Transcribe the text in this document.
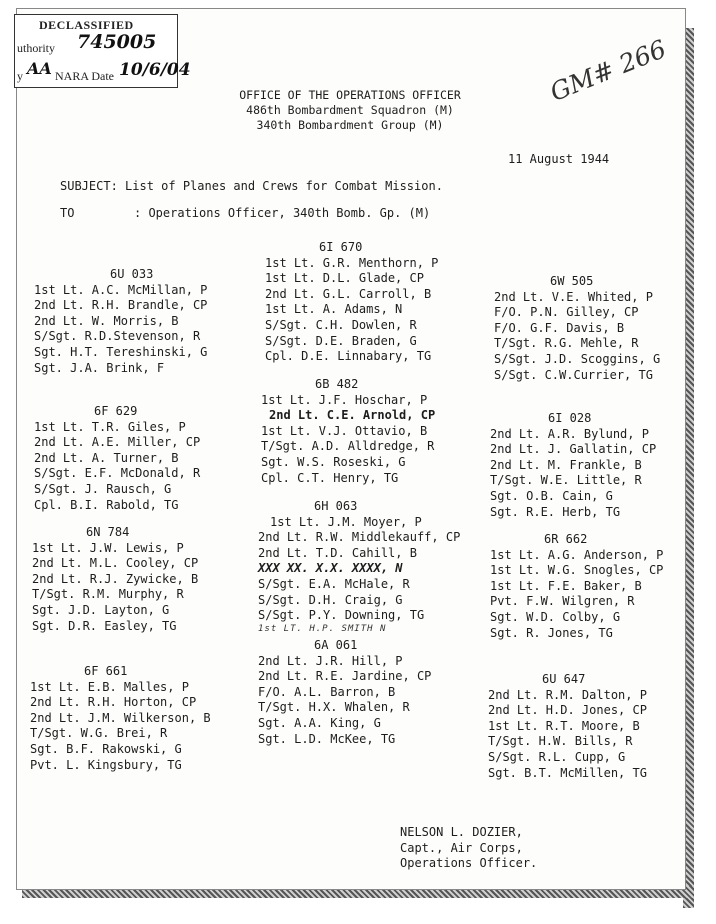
DECLASSIFIED
uthority 745005
y AA NARA Date 10/6/04
OFFICE OF THE OPERATIONS OFFICER
486th Bombardment Squadron (M)
340th Bombardment Group (M)
GM# 266
11 August 1944
SUBJECT: List of Planes and Crews for Combat Mission.
TO	: Operations Officer, 340th Bomb. Gp. (M)
6U 033
1st Lt. A.C. McMillan, P
2nd Lt. R.H. Brandle, CP
2nd Lt. W. Morris, B
S/Sgt. R.D.Stevenson, R
Sgt. H.T. Tereshinski, G
Sgt. J.A. Brink, F
6F 629
1st Lt. T.R. Giles, P
2nd Lt. A.E. Miller, CP
2nd Lt. A. Turner, B
S/Sgt. E.F. McDonald, R
S/Sgt. J. Rausch, G
Cpl. B.I. Rabold, TG
6N 784
1st Lt. J.W. Lewis, P
2nd Lt. M.L. Cooley, CP
2nd Lt. R.J. Zywicke, B
T/Sgt. R.M. Murphy, R
Sgt. J.D. Layton, G
Sgt. D.R. Easley, TG
6F 661
1st Lt. E.B. Malles, P
2nd Lt. R.H. Horton, CP
2nd Lt. J.M. Wilkerson, B
T/Sgt. W.G. Brei, R
Sgt. B.F. Rakowski, G
Pvt. L. Kingsbury, TG
6I 670
1st Lt. G.R. Menthorn, P
1st Lt. D.L. Glade, CP
2nd Lt. G.L. Carroll, B
1st Lt. A. Adams, N
S/Sgt. C.H. Dowlen, R
S/Sgt. D.E. Braden, G
Cpl. D.E. Linnabary, TG
6B 482
1st Lt. J.F. Hoschar, P
2nd Lt. C.E. Arnold, CP
1st Lt. V.J. Ottavio, B
T/Sgt. A.D. Alldredge, R
Sgt. W.S. Roseski, G
Cpl. C.T. Henry, TG
6H 063
1st Lt. J.M. Moyer, P
2nd Lt. R.W. Middlekauff, CP
2nd Lt. T.D. Cahill, B
XXX XX. X.X. XXXX, N
S/Sgt. E.A. McHale, R
S/Sgt. D.H. Craig, G
S/Sgt. P.Y. Downing, TG
1st LT. H.P. SMITH N
6A 061
2nd Lt. J.R. Hill, P
2nd Lt. R.E. Jardine, CP
F/O. A.L. Barron, B
T/Sgt. H.X. Whalen, R
Sgt. A.A. King, G
Sgt. L.D. McKee, TG
6W 505
2nd Lt. V.E. Whited, P
F/O. P.N. Gilley, CP
F/O. G.F. Davis, B
T/Sgt. R.G. Mehle, R
S/Sgt. J.D. Scoggins, G
S/Sgt. C.W.Currier, TG
6I 028
2nd Lt. A.R. Bylund, P
2nd Lt. J. Gallatin, CP
2nd Lt. M. Frankle, B
T/Sgt. W.E. Little, R
Sgt. O.B. Cain, G
Sgt. R.E. Herb, TG
6R 662
1st Lt. A.G. Anderson, P
1st Lt. W.G. Snogles, CP
1st Lt. F.E. Baker, B
Pvt. F.W. Wilgren, R
Sgt. W.D. Colby, G
Sgt. R. Jones, TG
6U 647
2nd Lt. R.M. Dalton, P
2nd Lt. H.D. Jones, CP
1st Lt. R.T. Moore, B
T/Sgt. H.W. Bills, R
S/Sgt. R.L. Cupp, G
Sgt. B.T. McMillen, TG
NELSON L. DOZIER,
Capt., Air Corps,
Operations Officer.
